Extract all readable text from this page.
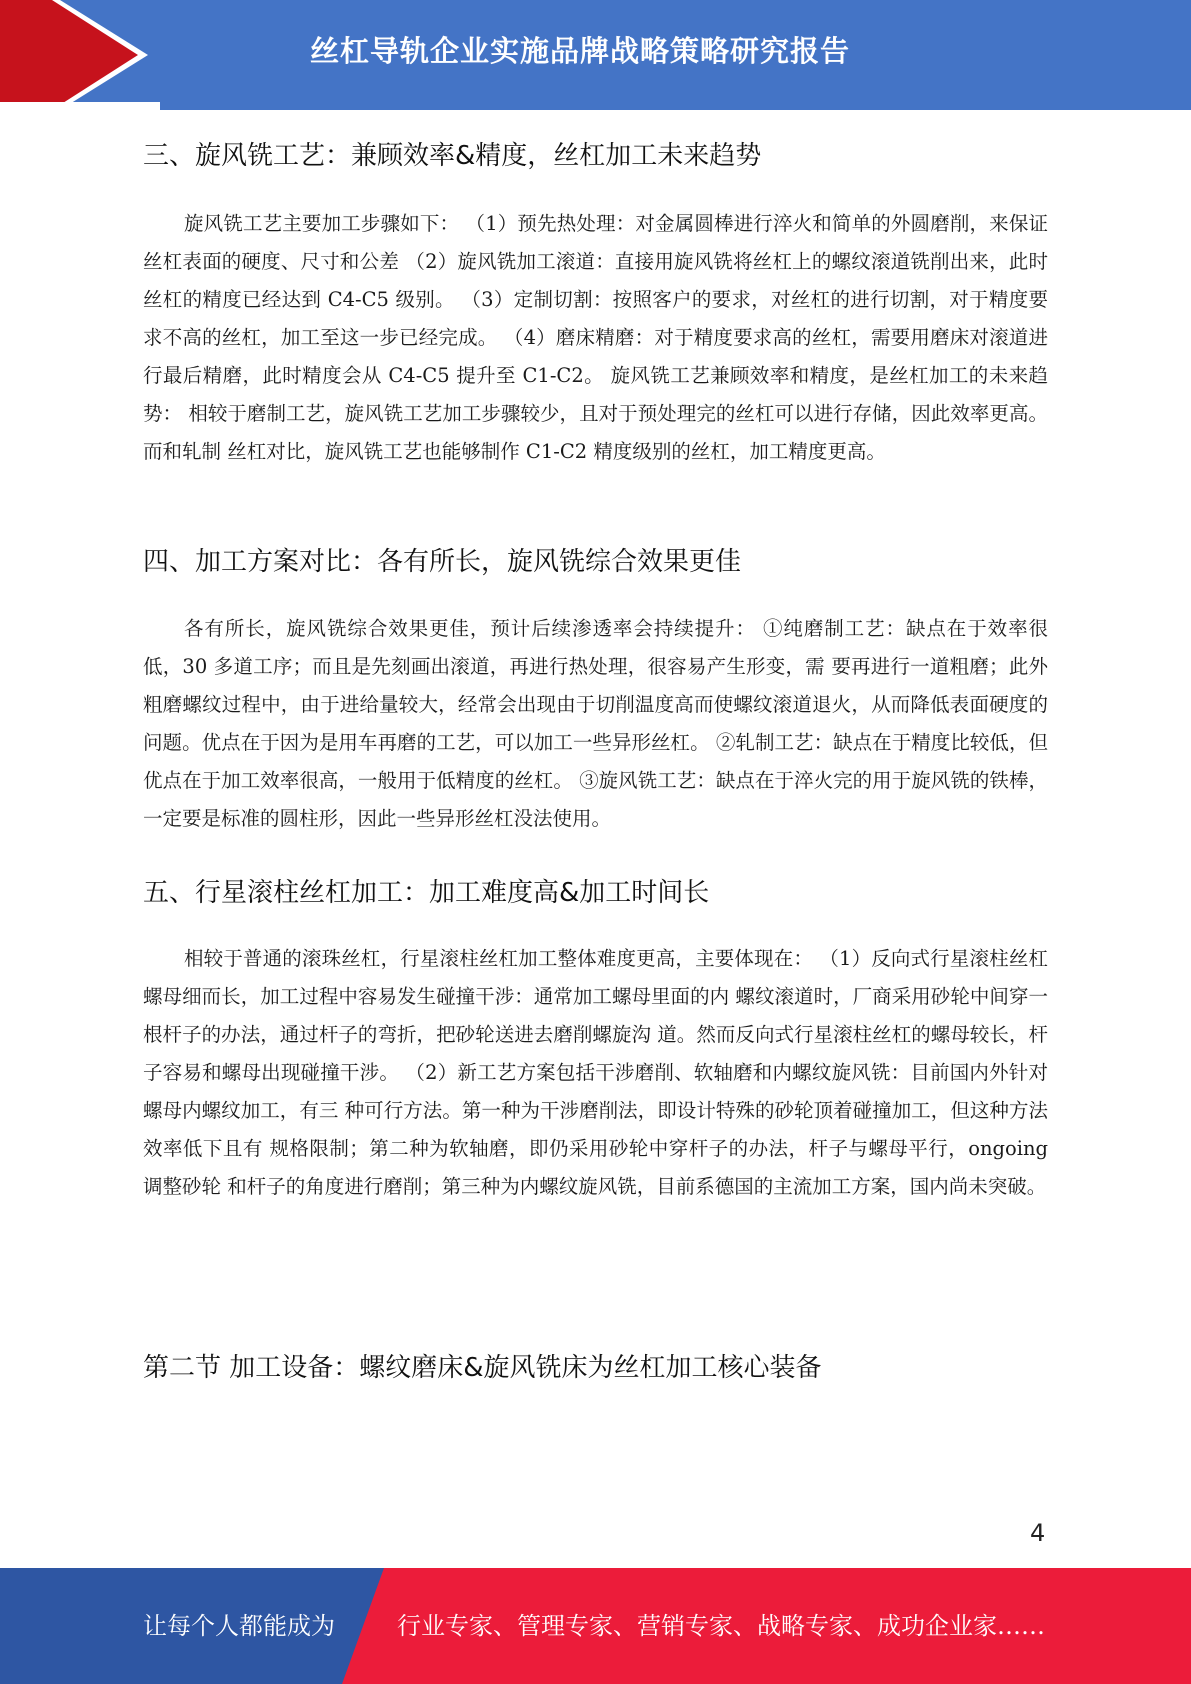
丝杠导轨企业实施品牌战略策略研究报告
三、旋风铣工艺：兼顾效率&精度，丝杠加工未来趋势

旋风铣工艺主要加工步骤如下： （1）预先热处理：对金属圆棒进行淬火和简单的外圆磨削，来保证丝杠表面的硬度、尺寸和公差 （2）旋风铣加工滚道：直接用旋风铣将丝杠上的螺纹滚道铣削出来，此时丝杠的精度已经达到 C4-C5 级别。 （3）定制切割：按照客户的要求，对丝杠的进行切割，对于精度要求不高的丝杠，加工至这一步已经完成。 （4）磨床精磨：对于精度要求高的丝杠，需要用磨床对滚道进行最后精磨，此时精度会从 C4-C5 提升至 C1-C2。 旋风铣工艺兼顾效率和精度，是丝杠加工的未来趋势： 相较于磨制工艺，旋风铣工艺加工步骤较少，且对于预处理完的丝杠可以进行存储，因此效率更高。而和轧制 丝杠对比，旋风铣工艺也能够制作 C1-C2 精度级别的丝杠，加工精度更高。

四、加工方案对比：各有所长，旋风铣综合效果更佳

各有所长，旋风铣综合效果更佳，预计后续渗透率会持续提升： ①纯磨制工艺：缺点在于效率很低，30 多道工序；而且是先刻画出滚道，再进行热处理，很容易产生形变，需 要再进行一道粗磨；此外粗磨螺纹过程中，由于进给量较大，经常会出现由于切削温度高而使螺纹滚道退火，从而降低表面硬度的问题。优点在于因为是用车再磨的工艺，可以加工一些异形丝杠。 ②轧制工艺：缺点在于精度比较低，但优点在于加工效率很高，一般用于低精度的丝杠。 ③旋风铣工艺：缺点在于淬火完的用于旋风铣的铁棒，一定要是标准的圆柱形，因此一些异形丝杠没法使用。

五、行星滚柱丝杠加工：加工难度高&加工时间长

相较于普通的滚珠丝杠，行星滚柱丝杠加工整体难度更高，主要体现在： （1）反向式行星滚柱丝杠螺母细而长，加工过程中容易发生碰撞干涉：通常加工螺母里面的内 螺纹滚道时，厂商采用砂轮中间穿一根杆子的办法，通过杆子的弯折，把砂轮送进去磨削螺旋沟 道。然而反向式行星滚柱丝杠的螺母较长，杆子容易和螺母出现碰撞干涉。 （2）新工艺方案包括干涉磨削、软轴磨和内螺纹旋风铣：目前国内外针对螺母内螺纹加工，有三 种可行方法。第一种为干涉磨削法，即设计特殊的砂轮顶着碰撞加工，但这种方法效率低下且有 规格限制；第二种为软轴磨，即仍采用砂轮中穿杆子的办法，杆子与螺母平行，ongoing 调整砂轮 和杆子的角度进行磨削；第三种为内螺纹旋风铣，目前系德国的主流加工方案，国内尚未突破。

第二节 加工设备：螺纹磨床&旋风铣床为丝杠加工核心装备
4
让每个人都能成为	行业专家、管理专家、营销专家、战略专家、成功企业家……
